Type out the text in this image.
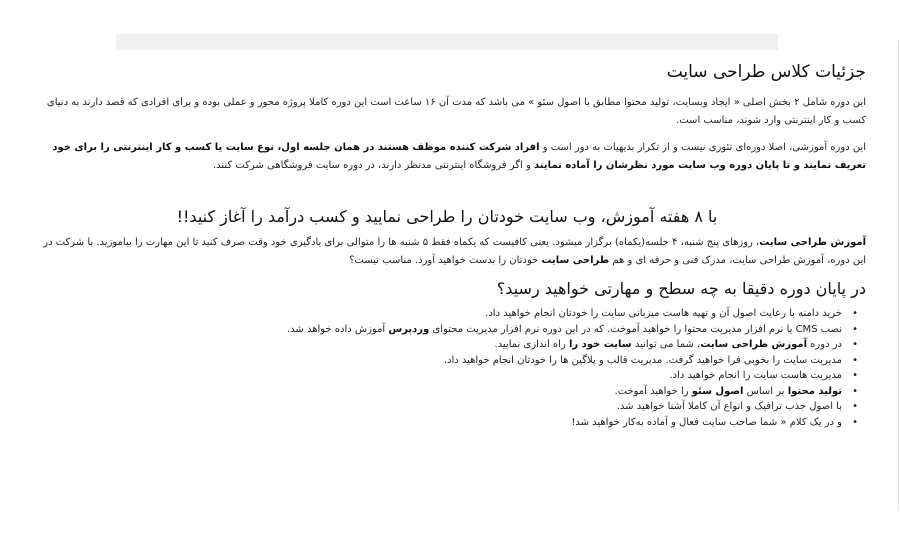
جزئیات کلاس طراحی سایت

این دوره شامل ۲ بخش اصلی « ایجاد وبسایت، تولید محتوا مطابق با اصول سئو » می باشد که مدت آن ۱۶ ساعت است این دوره کاملا پروژه محور و عملی بوده و برای افرادی که قصد دارند به دنیای کسب و کار اینترنتی وارد شوند، مناسب است.

این دوره آموزشی، اصلا دوره‌ای تئوری نیست و از تکرار بدیهیات به دور است و افراد شرکت کننده موظف هستند در همان جلسه اول، نوع سایت یا کسب و کار اینترنتی را برای خود تعریف نمایند و تا پایان دوره وب سایت مورد نظرشان را آماده نمایند و اگر فروشگاه اینترنتی مدنظر دارند، در دوره سایت فروشگاهی شرکت کنند.

با ۸ هفته آموزش، وب سایت خودتان را طراحی نمایید و کسب درآمد را آغاز کنید!!

آموزش طراحی سایت، روزهای پنج شنبه، ۴ جلسه(یکماه) برگزار میشود. یعنی کافیست که یکماه فقط ۵ شنبه ها را متوالی برای یادگیری خود وقت صرف کنید تا این مهارت را بیاموزید. با شرکت در این دوره، آموزش طراحی سایت، مدرک فنی و حرفه ای و هم طراحی سایت خودتان را بدست خواهید آورد. مناسب نیست؟

در پایان دوره دقیقا به چه سطح و مهارتی خواهید رسید؟
• خرید دامنه با رعایت اصول آن و تهیه هاست میزبانی سایت را خودتان انجام خواهید داد.
• نصب CMS یا نرم افزار مدیریت محتوا را خواهید آموخت. که در این دوره نرم افزار مدیریت محتوای وردپرس آموزش داده خواهد شد.
• در دوره آموزش طراحی سایت، شما می توانید سایت خود را راه اندازی نمایید.
• مدیریت سایت را بخوبی فرا خواهید گرفت. مدیریت قالب و پلاگین ها را خودتان انجام خواهید داد.
• مدیریت هاست سایت را انجام خواهید داد.
• تولید محتوا بر اساس اصول سئو را خواهید آموخت.
• با اصول جذب ترافیک و انواع آن کاملا آشنا خواهید شد.
• و در یک کلام « شما صاحب سایت فعال و آماده به‌کار خواهید شد!
